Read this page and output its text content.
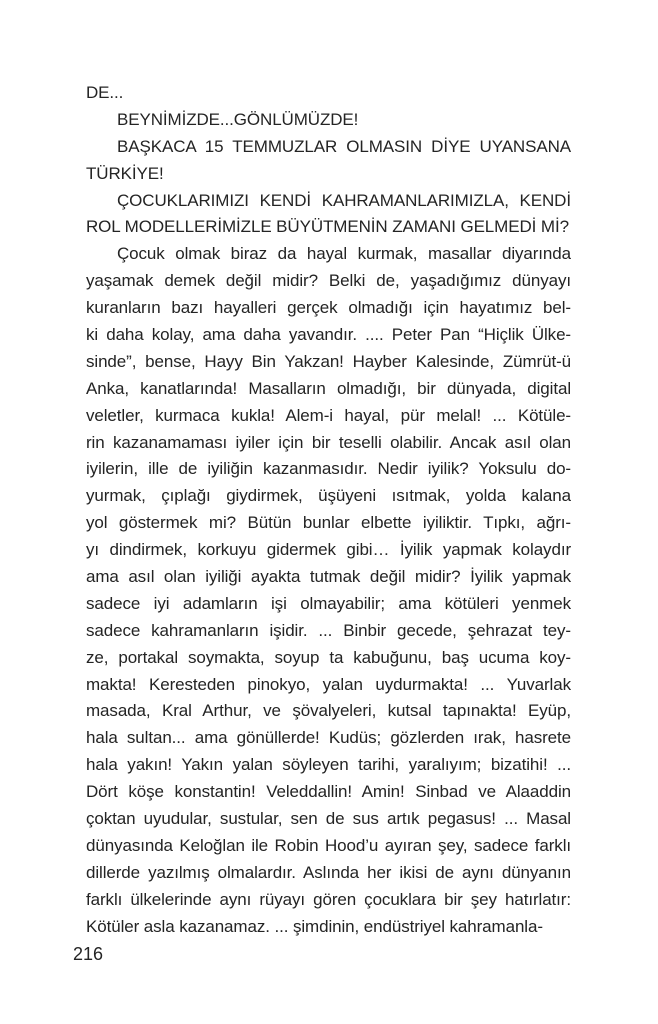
DE...
BEYNİMİZDE...GÖNLÜMÜZDE!
BAŞKACA 15 TEMMUZLAR OLMASIN DİYE UYANSANA
TÜRKİYE!
ÇOCUKLARIMIZI KENDİ KAHRAMANLARIMIZLA, KENDİ
ROL MODELLERİMİZLE BÜYÜTMENİN ZAMANI GELMEDİ Mİ?
Çocuk olmak biraz da hayal kurmak, masallar diyarında
yaşamak demek değil midir? Belki de, yaşadığımız dünyayı
kuranların bazı hayalleri gerçek olmadığı için hayatımız bel-
ki daha kolay, ama daha yavandır. .... Peter Pan “Hiçlik Ülke-
sinde”, bense, Hayy Bin Yakzan! Hayber Kalesinde, Zümrüt-ü
Anka, kanatlarında! Masalların olmadığı, bir dünyada, digital
veletler, kurmaca kukla! Alem-i hayal, pür melal! ... Kötüle-
rin kazanamaması iyiler için bir teselli olabilir. Ancak asıl olan
iyilerin, ille de iyiliğin kazanmasıdır. Nedir iyilik? Yoksulu do-
yurmak, çıplağı giydirmek, üşüyeni ısıtmak, yolda kalana
yol göstermek mi? Bütün bunlar elbette iyiliktir. Tıpkı, ağrı-
yı dindirmek, korkuyu gidermek gibi… İyilik yapmak kolaydır
ama asıl olan iyiliği ayakta tutmak değil midir? İyilik yapmak
sadece iyi adamların işi olmayabilir; ama kötüleri yenmek
sadece kahramanların işidir. ... Binbir gecede, şehrazat tey-
ze, portakal soymakta, soyup ta kabuğunu, baş ucuma koy-
makta! Keresteden pinokyo, yalan uydurmakta! ... Yuvarlak
masada, Kral Arthur, ve şövalyeleri, kutsal tapınakta! Eyüp,
hala sultan... ama gönüllerde! Kudüs; gözlerden ırak, hasrete
hala yakın! Yakın yalan söyleyen tarihi, yaralıyım; bizatihi! ...
Dört köşe konstantin! Veleddallin! Amin! Sinbad ve Alaaddin
çoktan uyudular, sustular, sen de sus artık pegasus! ... Masal
dünyasında Keloğlan ile Robin Hood’u ayıran şey, sadece farklı
dillerde yazılmış olmalardır. Aslında her ikisi de aynı dünyanın
farklı ülkelerinde aynı rüyayı gören çocuklara bir şey hatırlatır:
Kötüler asla kazanamaz. ... şimdinin, endüstriyel kahramanla-
216
